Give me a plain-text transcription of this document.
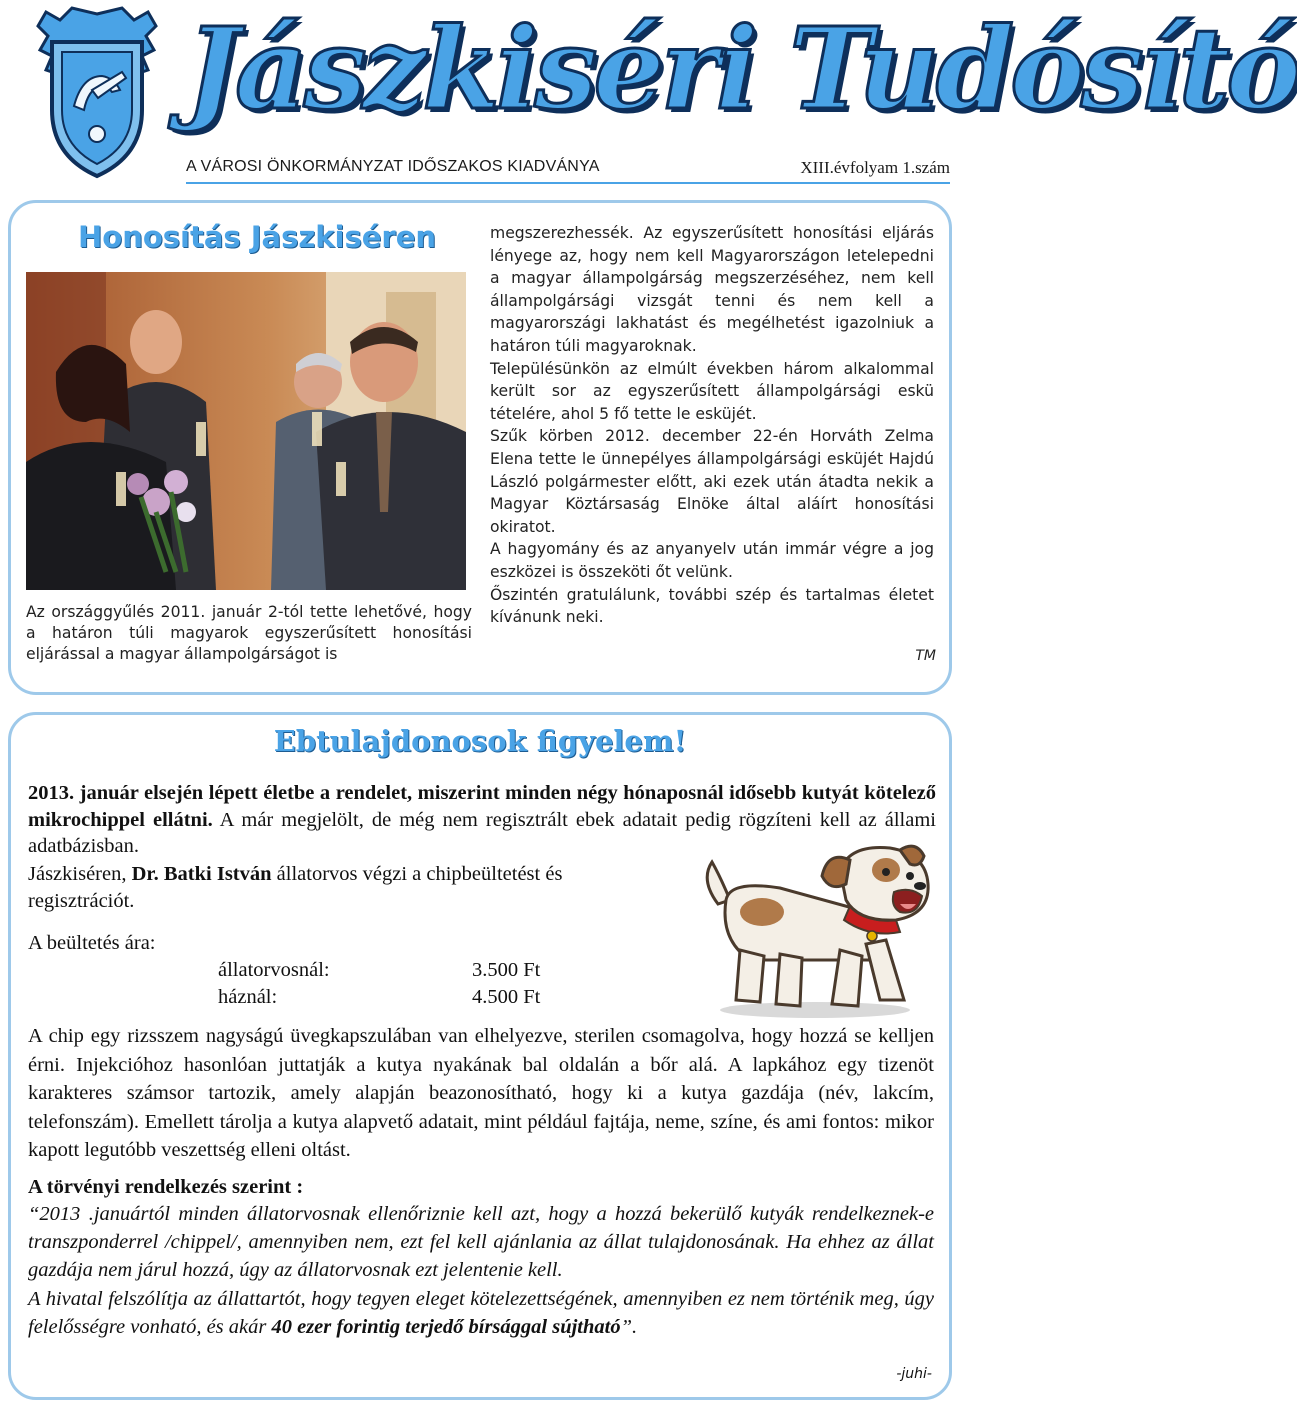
Jászkiséri Tudósító
A VÁROSI ÖNKORMÁNYZAT IDŐSZAKOS KIADVÁNYA	XIII.évfolyam 1.szám
Honosítás Jászkiséren
Az országgyűlés 2011. január 2-tól tette lehetővé, hogy a határon túli magyarok egyszerűsített honosítási eljárással a magyar állampolgárságot is

megszerezhessék. Az egyszerűsített honosítási eljárás lényege az, hogy nem kell Magyarországon letelepedni a magyar állampolgárság megszerzéséhez, nem kell állampolgársági vizsgát tenni és nem kell a magyarországi lakhatást és megélhetést igazolniuk a határon túli magyaroknak.

Településünkön az elmúlt években három alkalommal került sor az egyszerűsített állampolgársági eskü tételére, ahol 5 fő tette le esküjét.

Szűk körben 2012. december 22-én Horváth Zelma Elena tette le ünnepélyes állampolgársági esküjét Hajdú László polgármester előtt, aki ezek után átadta nekik a Magyar Köztársaság Elnöke által aláírt honosítási okiratot.

A hagyomány és az anyanyelv után immár végre a jog eszközei is összeköti őt velünk.

Őszintén gratulálunk, további szép és tartalmas életet kívánunk neki.

TM
Ebtulajdonosok figyelem!
2013. január elsején lépett életbe a rendelet, miszerint minden négy hónaposnál idősebb kutyát kötelező mikrochippel ellátni. A már megjelölt, de még nem regisztrált ebek adatait pedig rögzíteni kell az állami adatbázisban.
Jászkiséren, Dr. Batki István állatorvos végzi a chipbeültetést és regisztrációt.
A beültetés ára:
állatorvosnál:	3.500 Ft
háznál:	4.500 Ft
A chip egy rizsszem nagyságú üvegkapszulában van elhelyezve, sterilen csomagolva, hogy hozzá se kelljen érni. Injekcióhoz hasonlóan juttatják a kutya nyakának bal oldalán a bőr alá. A lapkához egy tizenöt karakteres számsor tartozik, amely alapján beazonosítható, hogy ki a kutya gazdája (név, lakcím, telefonszám). Emellett tárolja a kutya alapvető adatait, mint például fajtája, neme, színe, és ami fontos: mikor kapott legutóbb veszettség elleni oltást.
A törvényi rendelkezés szerint :

“2013 .januártól minden állatorvosnak ellenőriznie kell azt, hogy a hozzá bekerülő kutyák rendelkeznek-e transzponderrel /chippel/, amennyiben nem, ezt fel kell ajánlania az állat tulajdonosának. Ha ehhez az állat gazdája nem járul hozzá, úgy az állatorvosnak ezt jelentenie kell.

A hivatal felszólítja az állattartót, hogy tegyen eleget kötelezettségének, amennyiben ez nem történik meg, úgy felelősségre vonható, és akár 40 ezer forintig terjedő bírsággal sújtható”.

-juhi-
